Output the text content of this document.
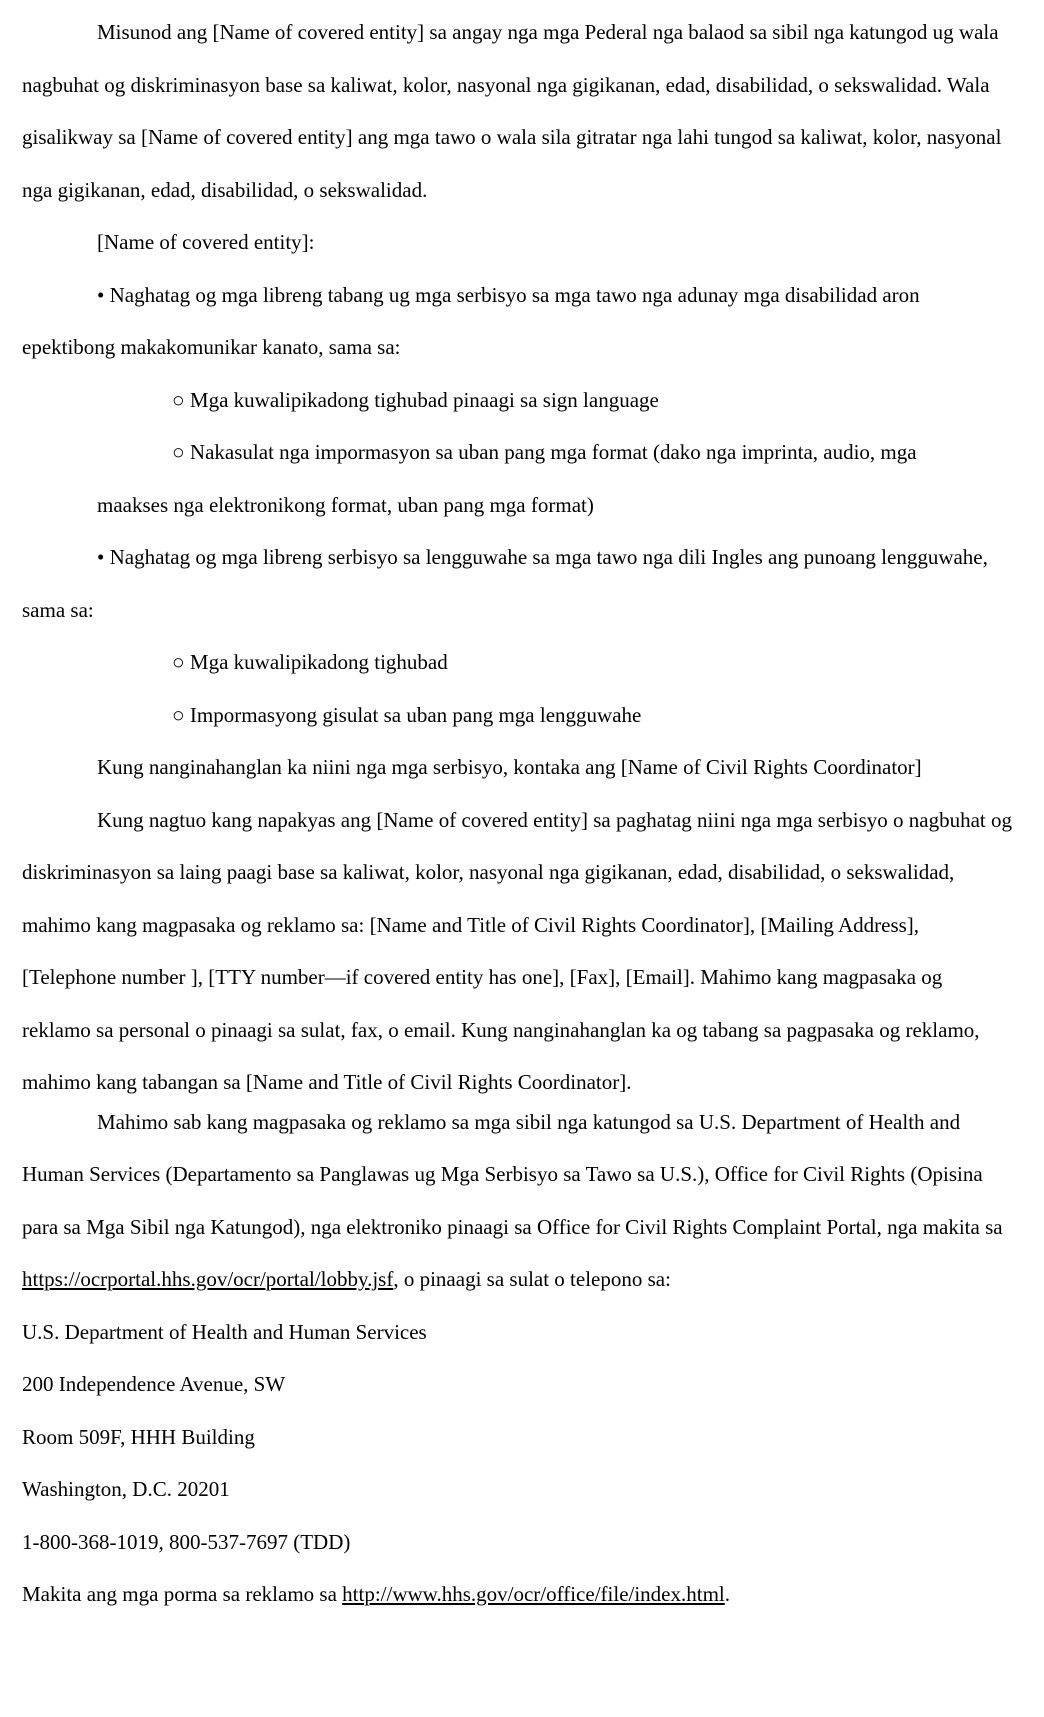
Misunod ang [Name of covered entity] sa angay nga mga Pederal nga balaod sa sibil nga katungod ug wala nagbuhat og diskriminasyon base sa kaliwat, kolor, nasyonal nga gigikanan, edad, disabilidad, o sekswalidad. Wala gisalikway sa [Name of covered entity] ang mga tawo o wala sila gitratar nga lahi tungod sa kaliwat, kolor, nasyonal nga gigikanan, edad, disabilidad, o sekswalidad.

[Name of covered entity]:

• Naghatag og mga libreng tabang ug mga serbisyo sa mga tawo nga adunay mga disabilidad aron epektibong makakomunikar kanato, sama sa:

○ Mga kuwalipikadong tighubad pinaagi sa sign language

○ Nakasulat nga impormasyon sa uban pang mga format (dako nga imprinta, audio, mga

maakses nga elektronikong format, uban pang mga format)

• Naghatag og mga libreng serbisyo sa lengguwahe sa mga tawo nga dili Ingles ang punoang lengguwahe, sama sa:

○ Mga kuwalipikadong tighubad

○ Impormasyong gisulat sa uban pang mga lengguwahe

Kung nanginahanglan ka niini nga mga serbisyo, kontaka ang [Name of Civil Rights Coordinator]

Kung nagtuo kang napakyas ang [Name of covered entity] sa paghatag niini nga mga serbisyo o nagbuhat og diskriminasyon sa laing paagi base sa kaliwat, kolor, nasyonal nga gigikanan, edad, disabilidad, o sekswalidad, mahimo kang magpasaka og reklamo sa: [Name and Title of Civil Rights Coordinator], [Mailing Address], [Telephone number ], [TTY number—if covered entity has one], [Fax], [Email]. Mahimo kang magpasaka og reklamo sa personal o pinaagi sa sulat, fax, o email. Kung nanginahanglan ka og tabang sa pagpasaka og reklamo, mahimo kang tabangan sa [Name and Title of Civil Rights Coordinator].

Mahimo sab kang magpasaka og reklamo sa mga sibil nga katungod sa U.S. Department of Health and Human Services (Departamento sa Panglawas ug Mga Serbisyo sa Tawo sa U.S.), Office for Civil Rights (Opisina para sa Mga Sibil nga Katungod), nga elektroniko pinaagi sa Office for Civil Rights Complaint Portal, nga makita sa https://ocrportal.hhs.gov/ocr/portal/lobby.jsf, o pinaagi sa sulat o telepono sa:

U.S. Department of Health and Human Services

200 Independence Avenue, SW

Room 509F, HHH Building

Washington, D.C. 20201

1-800-368-1019, 800-537-7697 (TDD)

Makita ang mga porma sa reklamo sa http://www.hhs.gov/ocr/office/file/index.html.
